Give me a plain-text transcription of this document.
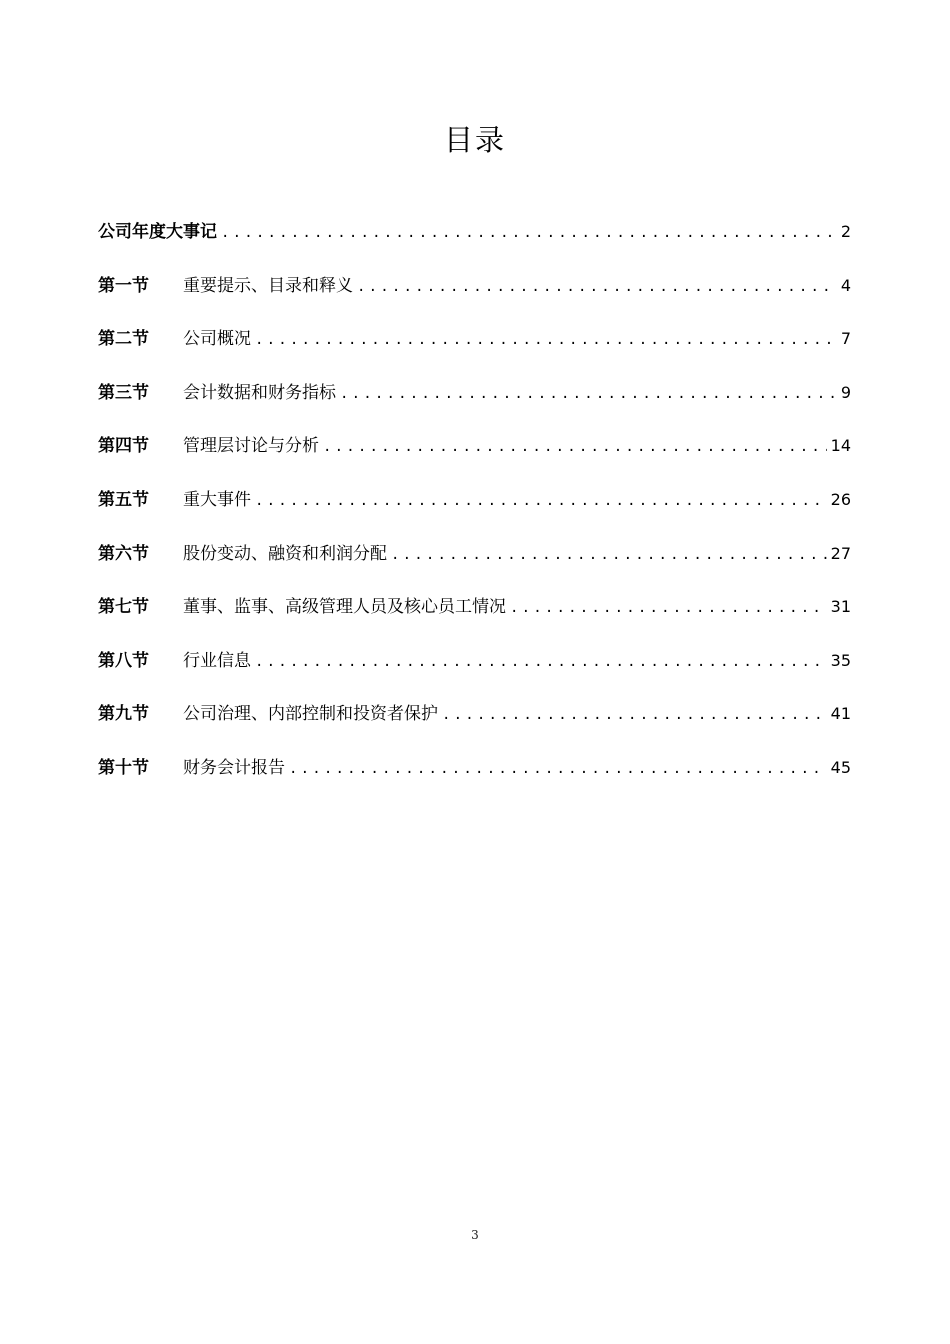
目录
公司年度大事记 .....	2
第一节	重要提示、目录和释义 .....	4
第二节	公司概况 .....	7
第三节	会计数据和财务指标 .....	9
第四节	管理层讨论与分析 .....	14
第五节	重大事件 .....	26
第六节	股份变动、融资和利润分配 .....	27
第七节	董事、监事、高级管理人员及核心员工情况 .....	31
第八节	行业信息 .....	35
第九节	公司治理、内部控制和投资者保护 .....	41
第十节	财务会计报告 .....	45
3
